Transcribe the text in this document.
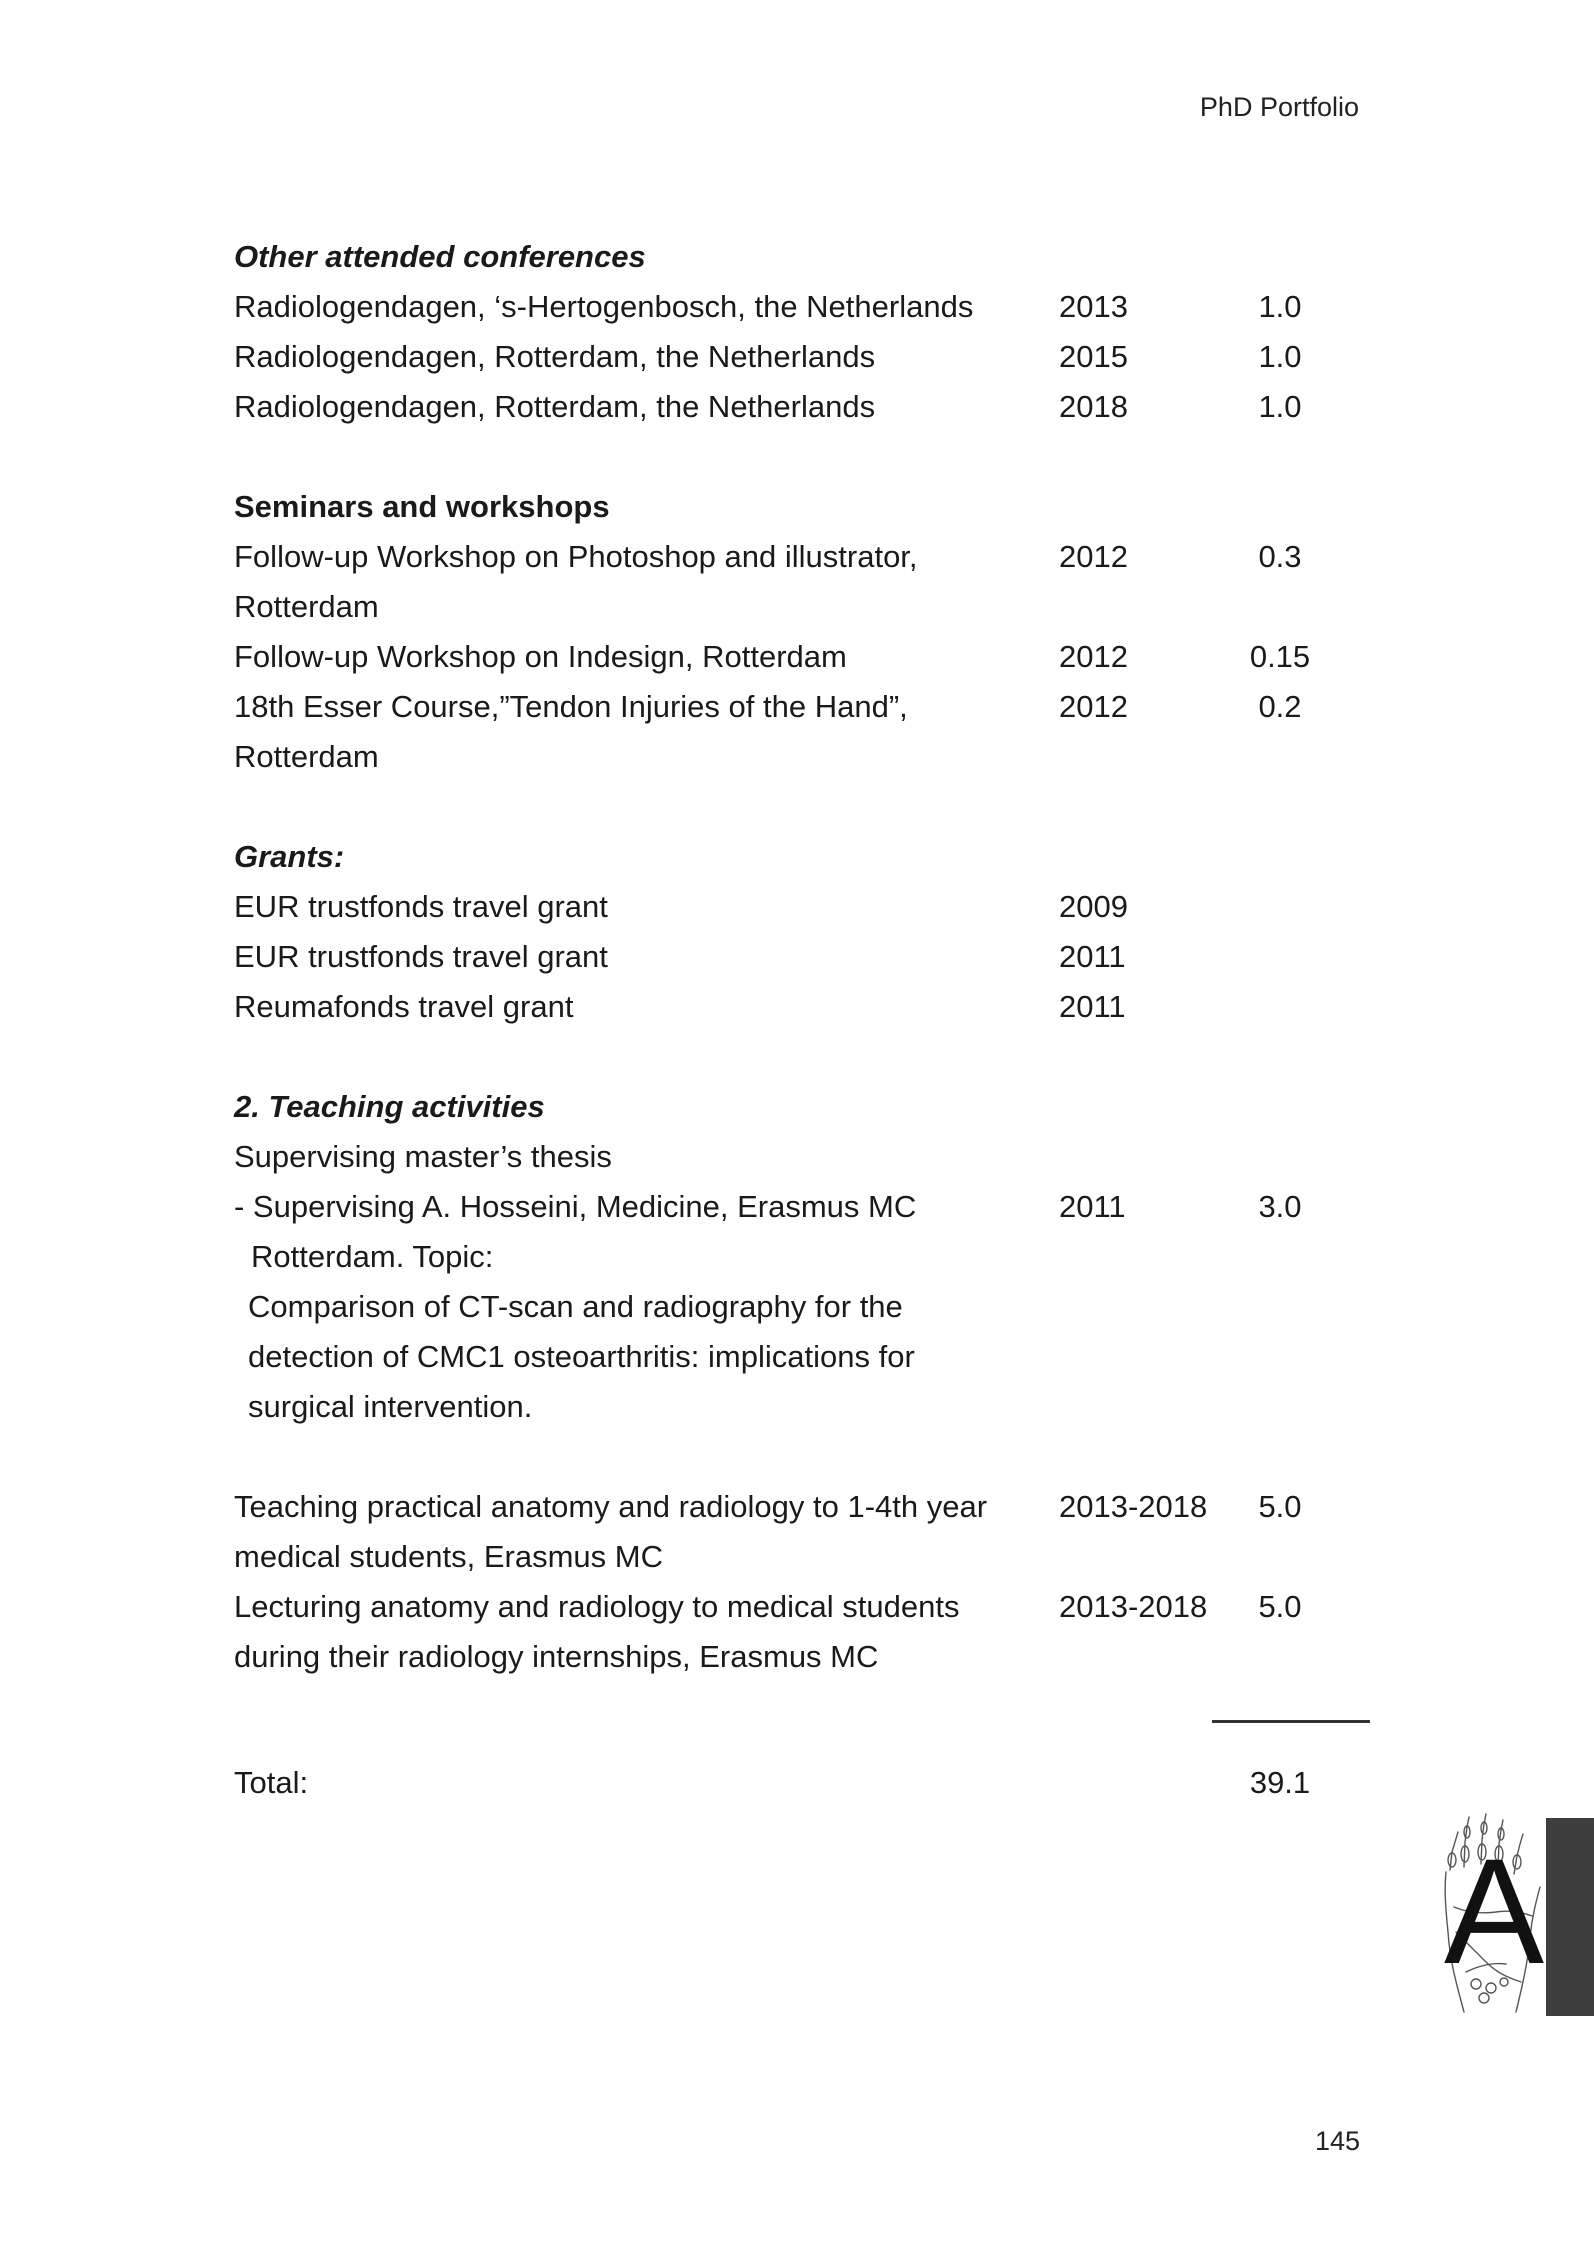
PhD Portfolio
Other attended conferences
Radiologendagen, ‘s-Hertogenbosch, the Netherlands	2013	1.0
Radiologendagen, Rotterdam, the Netherlands	2015	1.0
Radiologendagen, Rotterdam, the Netherlands	2018	1.0
Seminars and workshops
Follow-up Workshop on Photoshop and illustrator,
Rotterdam
2012	0.3
Follow-up Workshop on Indesign, Rotterdam	2012	0.15
18th Esser Course,”Tendon Injuries of the Hand”,
Rotterdam
2012	0.2
Grants:
EUR trustfonds travel grant	2009
EUR trustfonds travel grant	2011
Reumafonds travel grant	2011
2. Teaching activities
Supervising master’s thesis
- Supervising A. Hosseini, Medicine, Erasmus MC
Rotterdam. Topic:
Comparison of CT-scan and radiography for the
detection of CMC1 osteoarthritis: implications for
surgical intervention.
2011	3.0
Teaching practical anatomy and radiology to 1-4th year
medical students, Erasmus MC
2013-2018	5.0
Lecturing anatomy and radiology to medical students
during their radiology internships, Erasmus MC
2013-2018	5.0
Total:	39.1
A
145
